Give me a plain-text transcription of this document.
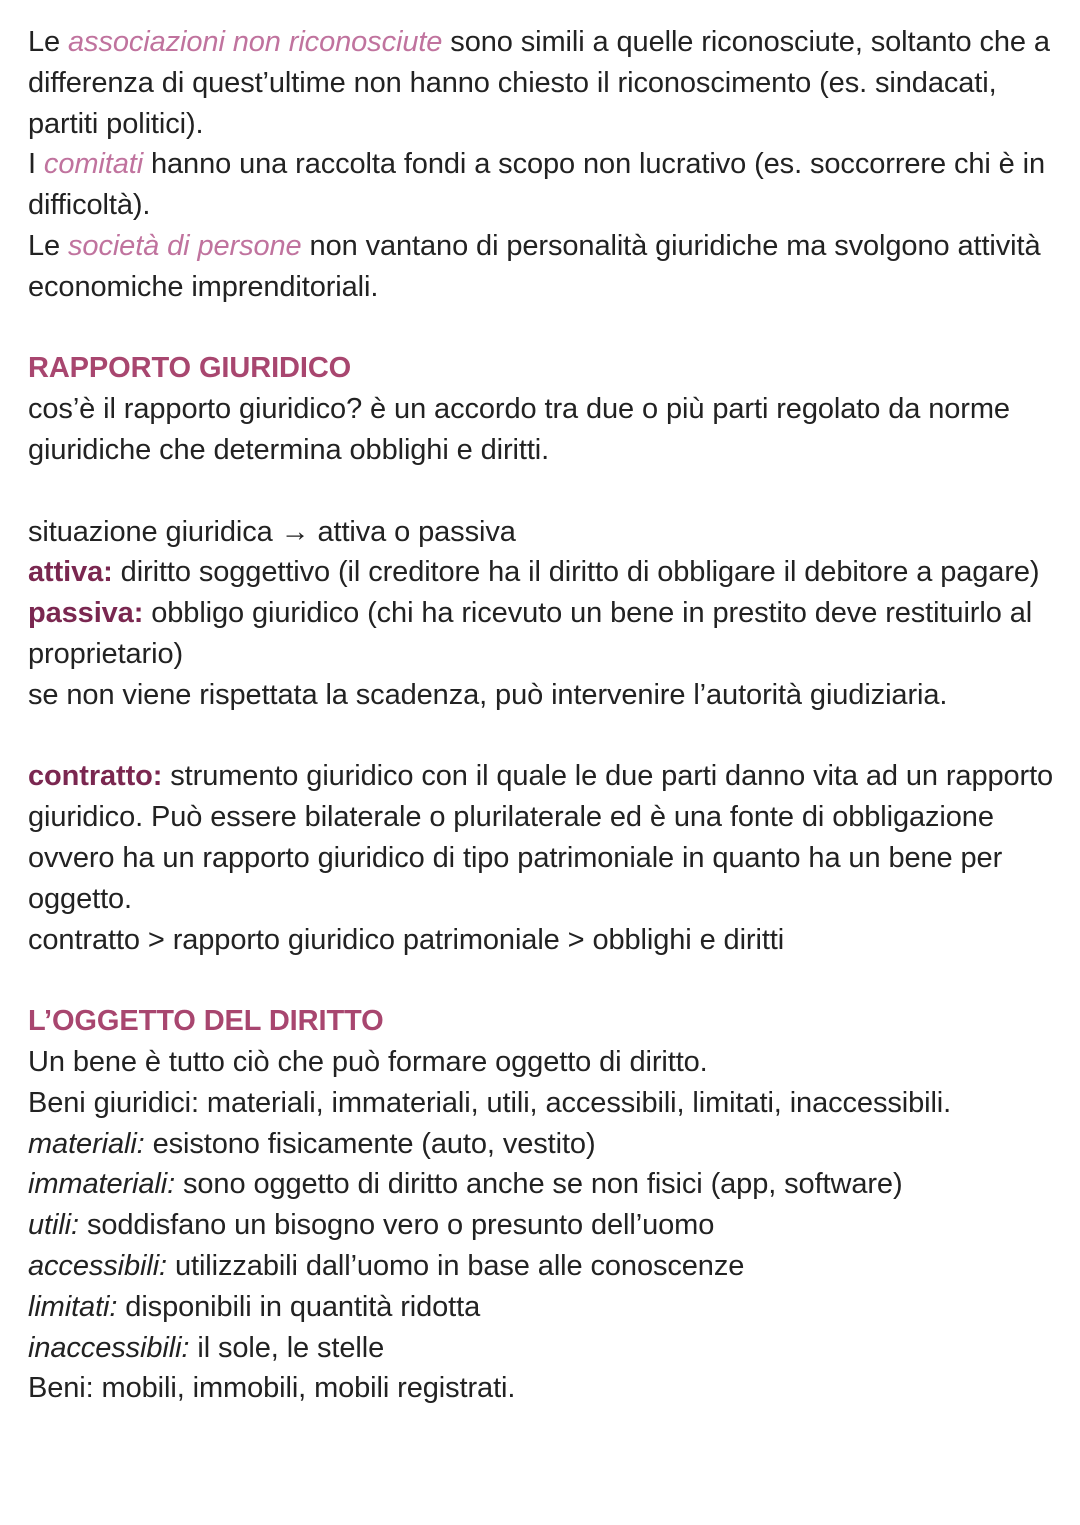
Le associazioni non riconosciute sono simili a quelle riconosciute, soltanto che a differenza di quest’ultime non hanno chiesto il riconoscimento (es. sindacati, partiti politici).

I comitati hanno una raccolta fondi a scopo non lucrativo (es. soccorrere chi è in difficoltà).

Le società di persone non vantano di personalità giuridiche ma svolgono attività economiche imprenditoriali.

RAPPORTO GIURIDICO

cos’è il rapporto giuridico? è un accordo tra due o più parti regolato da norme giuridiche che determina obblighi e diritti.

situazione giuridica → attiva o passiva

attiva: diritto soggettivo (il creditore ha il diritto di obbligare il debitore a pagare)

passiva: obbligo giuridico (chi ha ricevuto un bene in prestito deve restituirlo al proprietario)

se non viene rispettata la scadenza, può intervenire l’autorità giudiziaria.

contratto: strumento giuridico con il quale le due parti danno vita ad un rapporto giuridico. Può essere bilaterale o plurilaterale ed è una fonte di obbligazione ovvero ha un rapporto giuridico di tipo patrimoniale in quanto ha un bene per oggetto.

contratto > rapporto giuridico patrimoniale > obblighi e diritti

L’OGGETTO DEL DIRITTO

Un bene è tutto ciò che può formare oggetto di diritto.

Beni giuridici: materiali, immateriali, utili, accessibili, limitati, inaccessibili.

materiali: esistono fisicamente (auto, vestito)

immateriali: sono oggetto di diritto anche se non fisici (app, software)

utili: soddisfano un bisogno vero o presunto dell’uomo

accessibili: utilizzabili dall’uomo in base alle conoscenze

limitati: disponibili in quantità ridotta

inaccessibili: il sole, le stelle

Beni: mobili, immobili, mobili registrati.
